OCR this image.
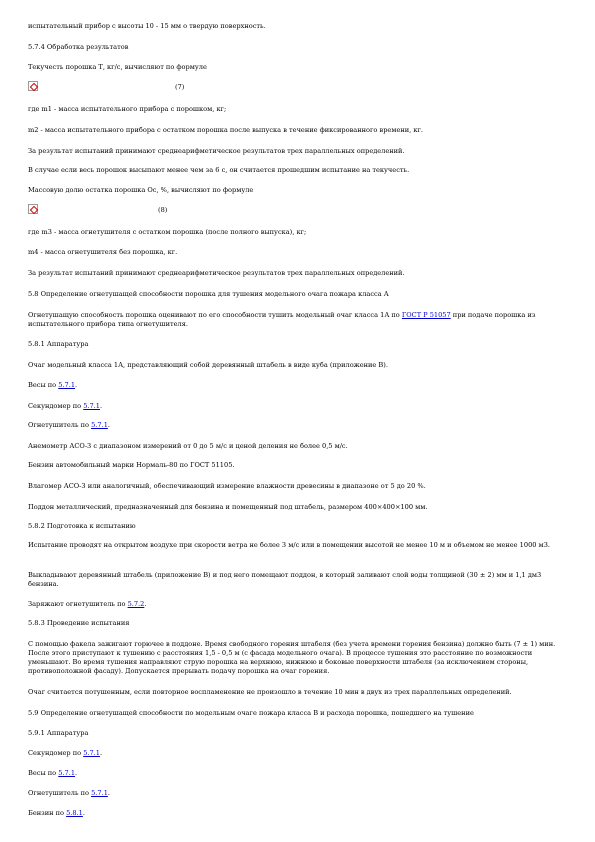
испытательный прибор с высоты 10 - 15 мм о твердую поверхность.
5.7.4 Обработка результатов
Текучесть порошка Т, кг/с, вычисляют по формуле
(7)
где m1 - масса испытательного прибора с порошком, кг;
m2 - масса испытательного прибора с остатком порошка после выпуска в течение фиксированного времени, кг.
За результат испытаний принимают среднеарифметическое результатов трех параллельных определений.
В случае если весь порошок высыпают менее чем за 6 с, он считается прошедшим испытание на текучесть.
Массовую долю остатка порошка Ос, %, вычисляют по формуле
(8)
где m3 - масса огнетушителя с остатком порошка (после полного выпуска), кг;
m4 - масса огнетушителя без порошка, кг.
За результат испытаний принимают среднеарифметическое результатов трех параллельных определений.
5.8 Определение огнетушащей способности порошка для тушения модельного очага пожара класса А
Огнетушащую способность порошка оценивают по его способности тушить модельный очаг класса 1А по ГОСТ Р 51057 при подаче порошка из испытательного прибора типа огнетушителя.
5.8.1 Аппаратура
Очаг модельный класса 1А, представляющий собой деревянный штабель в виде куба (приложение В).
Весы по 5.7.1.
Секундомер по 5.7.1.
Огнетушитель по 5.7.1.
Анемометр АСО-3 с диапазоном измерений от 0 до 5 м/с и ценой деления не более 0,5 м/с.
Бензин автомобильный марки Нормаль-80 по ГОСТ 51105.
Влагомер АСО-3 или аналогичный, обеспечивающий измерение влажности древесины в диапазоне от 5 до 20 %.
Поддон металлический, предназначенный для бензина и помещенный под штабель, размером 400×400×100 мм.
5.8.2 Подготовка к испытанию
Испытание проводят на открытом воздухе при скорости ветра не более 3 м/с или в помещении высотой не менее 10 м и объемом не менее 1000 м3.
Выкладывают деревянный штабель (приложение В) и под него помещают поддон, в который заливают слой воды толщиной (30 ± 2) мм и 1,1 дм3 бензина.
Заряжают огнетушитель по 5.7.2.
5.8.3 Проведение испытания
С помощью факела зажигают горючее в поддоне. Время свободного горения штабеля (без учета времени горения бензина) должно быть (7 ± 1) мин. После этого приступают к тушению с расстояния 1,5 - 0,5 м (с фасада модельного очага). В процессе тушения это расстояние по возможности уменьшают. Во время тушения направляют струю порошка на верхнюю, нижнюю и боковые поверхности штабеля (за исключением стороны, противоположной фасаду). Допускается прерывать подачу порошка на очаг горения.
Очаг считается потушенным, если повторное воспламенение не произошло в течение 10 мин в двух из трех параллельных определений.
5.9 Определение огнетушащей способности по модельным очаге пожара класса В и расхода порошка, пошедшего на тушение
5.9.1 Аппаратура
Секундомер по 5.7.1.
Весы по 5.7.1.
Огнетушитель по 5.7.1.
Бензин по 5.8.1.
